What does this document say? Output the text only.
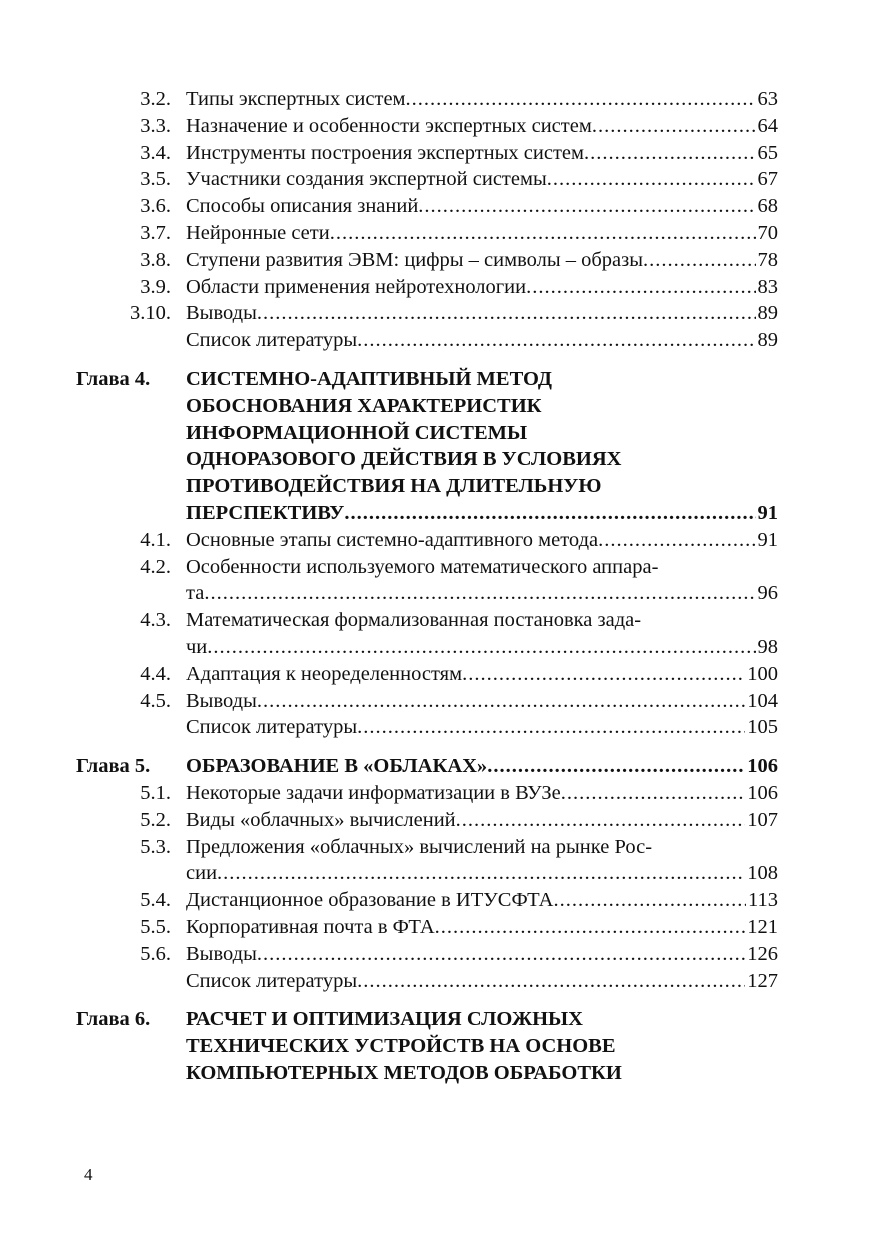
3.2. Типы экспертных систем .....	63
3.3. Назначение и особенности экспертных систем .....	64
3.4. Инструменты построения экспертных систем .....	65
3.5. Участники создания экспертной системы .....	67
3.6. Способы описания знаний .....	68
3.7. Нейронные сети .....	70
3.8. Ступени развития ЭВМ: цифры – символы – образы .....	78
3.9. Области применения нейротехнологии .....	83
3.10. Выводы .....	89
Список литературы .....	89
Глава 4.	СИСТЕМНО-АДАПТИВНЫЙ МЕТОД
ОБОСНОВАНИЯ ХАРАКТЕРИСТИК
ИНФОРМАЦИОННОЙ СИСТЕМЫ
ОДНОРАЗОВОГО ДЕЙСТВИЯ В УСЛОВИЯХ
ПРОТИВОДЕЙСТВИЯ НА ДЛИТЕЛЬНУЮ
ПЕРСПЕКТИВУ .....	91
4.1. Основные этапы системно-адаптивного метода .....	91
4.2. Особенности используемого математического аппара-
та .....	96
4.3. Математическая формализованная постановка зада-
чи .....	98
4.4. Адаптация к неоределенностям .....	100
4.5. Выводы .....	104
Список литературы .....	105
Глава 5.	ОБРАЗОВАНИЕ В «ОБЛАКАХ» .....	106
5.1. Некоторые задачи информатизации в ВУЗе .....	106
5.2. Виды «облачных» вычислений .....	107
5.3. Предложения «облачных» вычислений на рынке Рос-
сии .....	108
5.4. Дистанционное образование в ИТУСФТА .....	113
5.5. Корпоративная почта в ФТА .....	121
5.6. Выводы .....	126
Список литературы .....	127
Глава 6.	РАСЧЕТ И ОПТИМИЗАЦИЯ СЛОЖНЫХ
ТЕХНИЧЕСКИХ УСТРОЙСТВ НА ОСНОВЕ
КОМПЬЮТЕРНЫХ МЕТОДОВ ОБРАБОТКИ
4
